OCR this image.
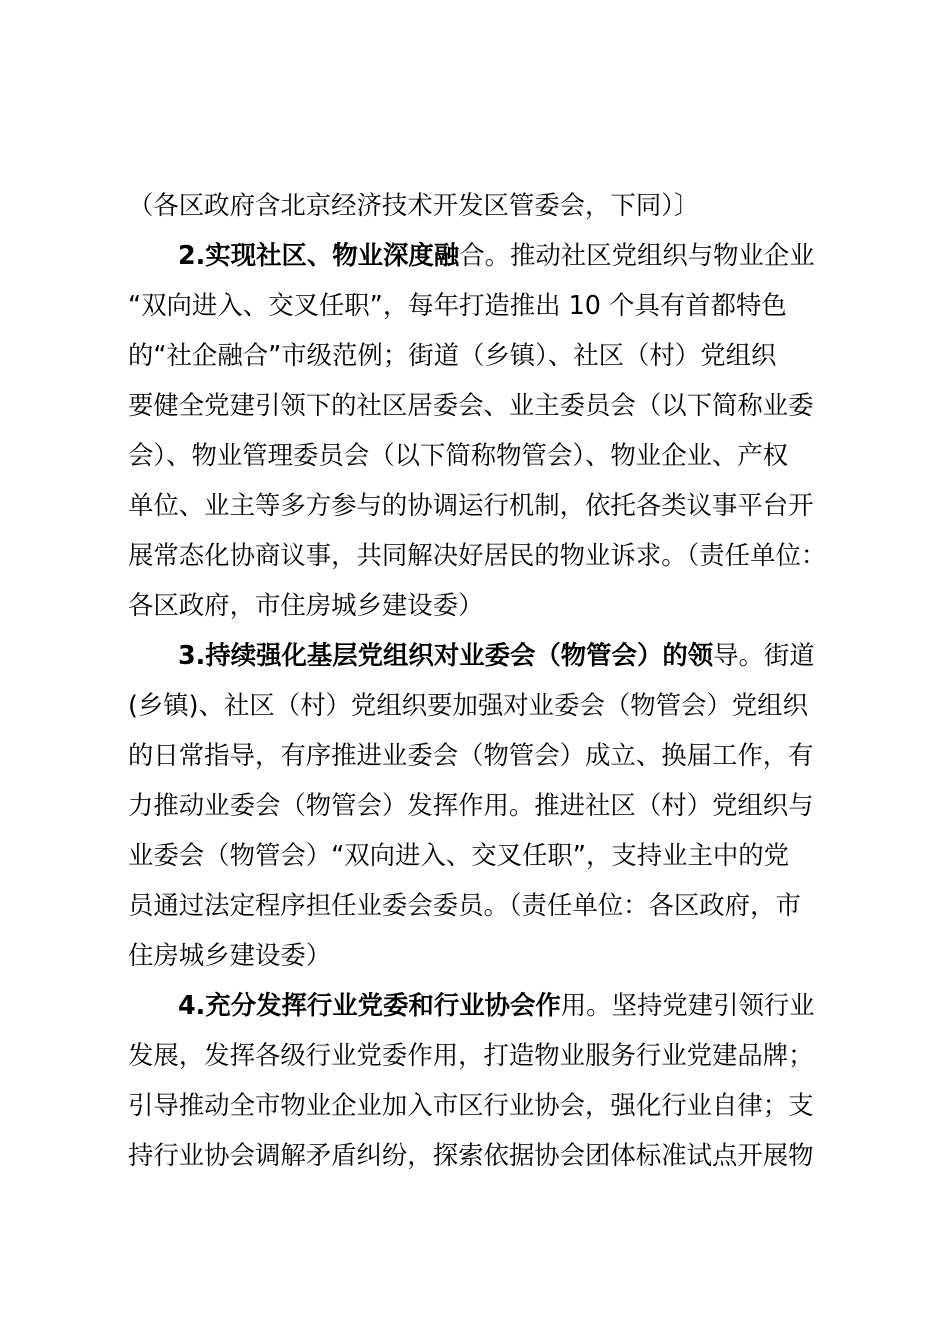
（各区政府含北京经济技术开发区管委会，下同）〕
2.实现社区、物业深度融合。推动社区党组织与物业企业
“双向进入、交叉任职”，每年打造推出 10 个具有首都特色
的“社企融合”市级范例；街道（乡镇）、社区（村）党组织
要健全党建引领下的社区居委会、业主委员会（以下简称业委
会）、物业管理委员会（以下简称物管会）、物业企业、产权
单位、业主等多方参与的协调运行机制，依托各类议事平台开
展常态化协商议事，共同解决好居民的物业诉求。（责任单位：
各区政府，市住房城乡建设委）
3.持续强化基层党组织对业委会（物管会）的领导。街道
(乡镇)、社区（村）党组织要加强对业委会（物管会）党组织
的日常指导，有序推进业委会（物管会）成立、换届工作，有
力推动业委会（物管会）发挥作用。推进社区（村）党组织与
业委会（物管会）“双向进入、交叉任职”，支持业主中的党
员通过法定程序担任业委会委员。（责任单位：各区政府，市
住房城乡建设委）
4.充分发挥行业党委和行业协会作用。坚持党建引领行业
发展，发挥各级行业党委作用，打造物业服务行业党建品牌；
引导推动全市物业企业加入市区行业协会，强化行业自律；支
持行业协会调解矛盾纠纷，探索依据协会团体标准试点开展物
